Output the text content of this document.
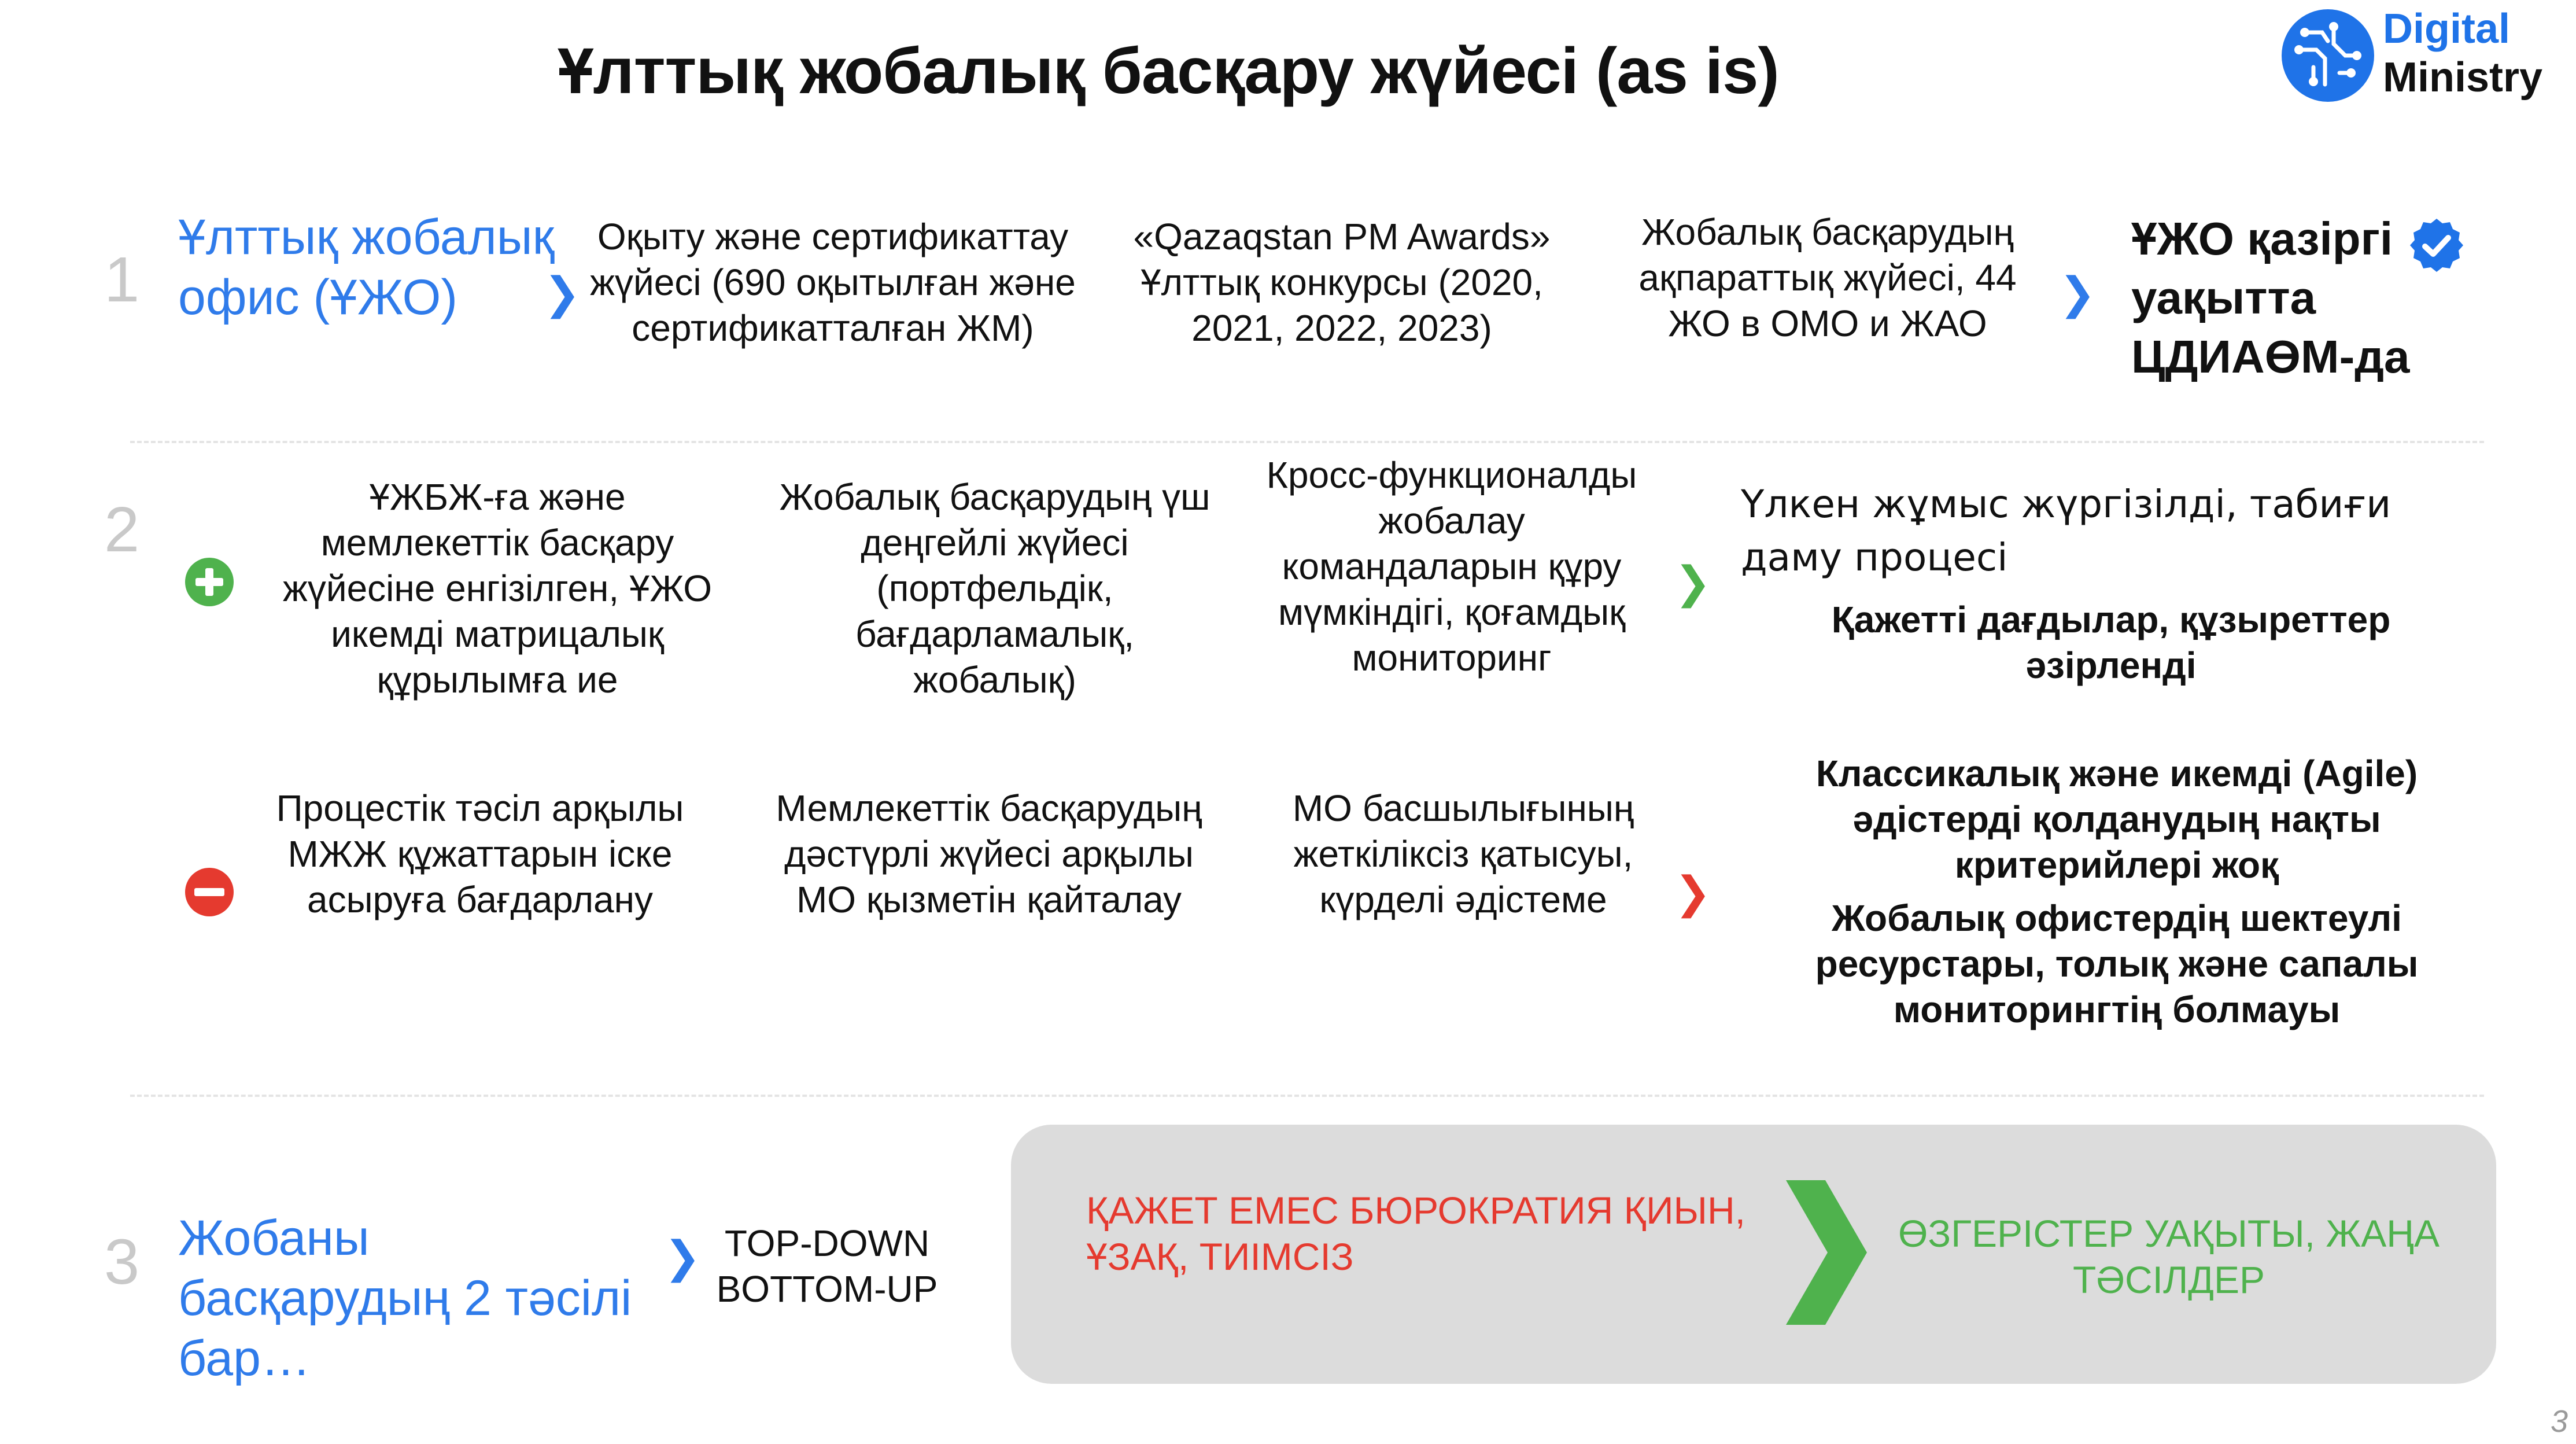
Ұлттық жобалық басқару жүйесі (as is)
Digital
Ministry
1
Ұлттық жобалық офис (ҰЖО)	❯
Оқыту және сертификаттау жүйесі (690 оқытылған және сертификатталған ЖМ)
«Qazaqstan PM Awards» Ұлттық конкурсы (2020, 2021, 2022, 2023)
Жобалық басқарудың ақпараттық жүйесі, 44 ЖО в ОМО и ЖАО
❯
ҰЖО қазіргі уақытта ЦДИАӨМ-да
2	ҰЖБЖ-ға және мемлекеттік басқару жүйесіне енгізілген, ҰЖО икемді матрицалық құрылымға ие
Жобалық басқарудың үш деңгейлі жүйесі (портфельдік, бағдарламалық, жобалық)
Кросс-функционалды жобалау командаларын құру мүмкіндігі, қоғамдық мониторинг
❯
Үлкен жұмыс жүргізілді, табиғи даму процесі
Қажетті дағдылар, құзыреттер әзірленді
Процестік тәсіл арқылы МЖЖ құжаттарын іске асыруға бағдарлану
Мемлекеттік басқарудың дәстүрлі жүйесі арқылы МО қызметін қайталау
МО басшылығының жеткіліксіз қатысуы, күрделі әдістеме	❯
Классикалық және икемді (Agile) әдістерді қолданудың нақты критерийлері жоқ
Жобалық офистердің шектеулі ресурстары, толық және сапалы мониторингтің болмауы
3 Жобаны басқарудың 2 тәсілі бар…
❯ TOP-DOWN
BOTTOM-UP
ҚАЖЕТ ЕМЕС БЮРОКРАТИЯ ҚИЫН, ҰЗАҚ, ТИІМСІЗ
ӨЗГЕРІСТЕР УАҚЫТЫ, ЖАҢА ТӘСІЛДЕР
3
